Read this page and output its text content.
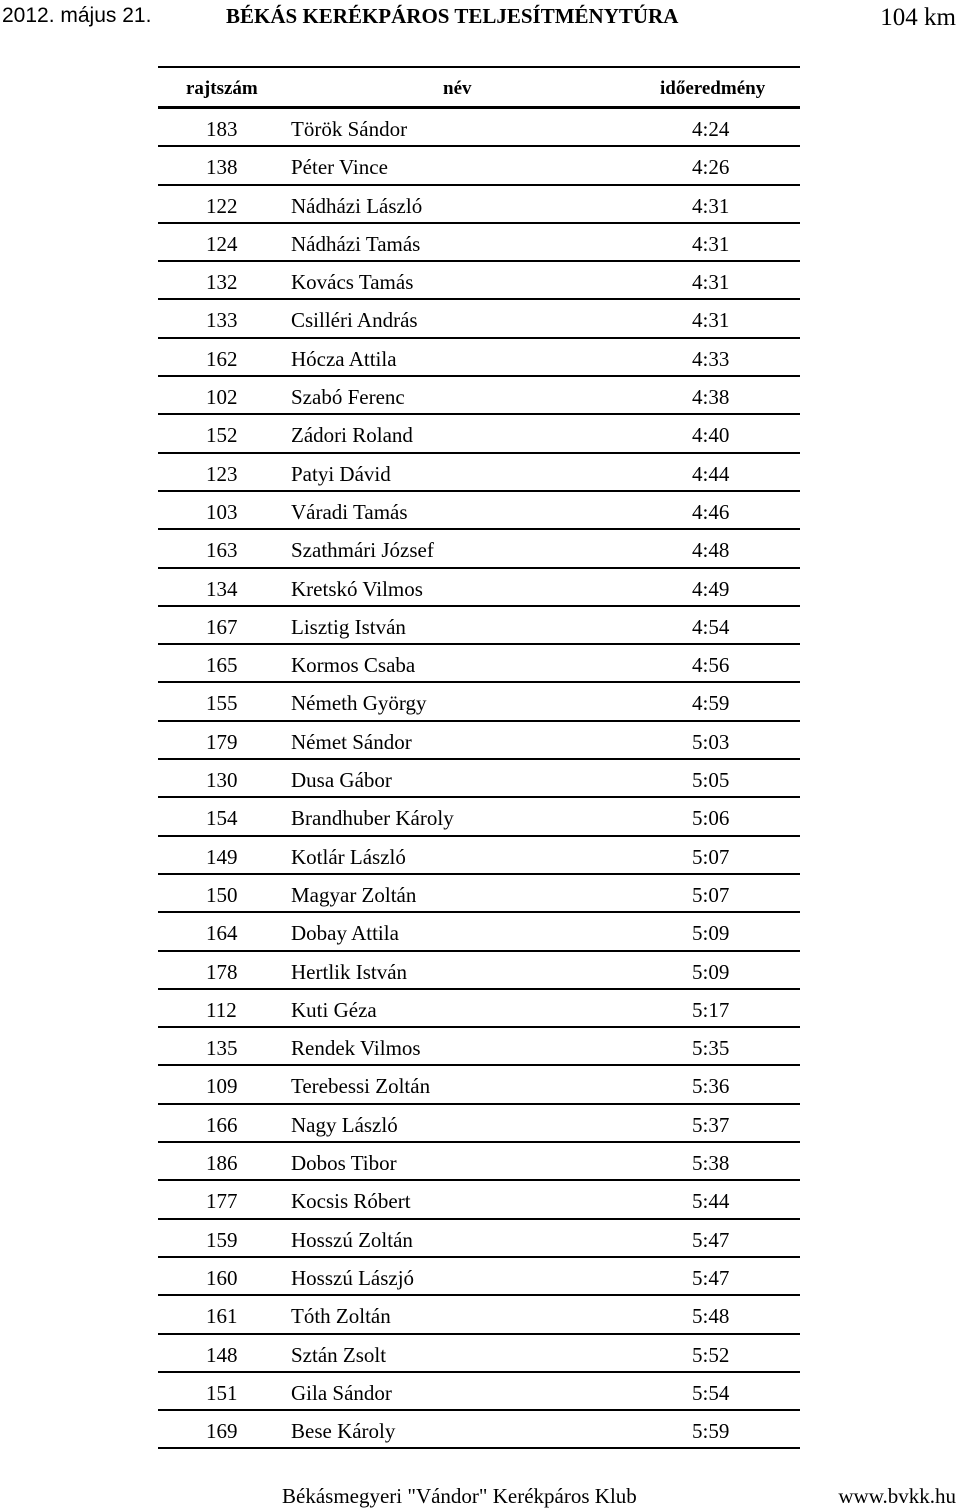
2012. május 21.	BÉKÁS KERÉKPÁROS TELJESÍTMÉNYTÚRA	104 km
rajtszám	név	időeredmény
183	Török Sándor	4:24
138	Péter Vince	4:26
122	Nádházi László	4:31
124	Nádházi Tamás	4:31
132	Kovács Tamás	4:31
133	Csilléri András	4:31
162	Hócza Attila	4:33
102	Szabó Ferenc	4:38
152	Zádori Roland	4:40
123	Patyi Dávid	4:44
103	Váradi Tamás	4:46
163	Szathmári József	4:48
134	Kretskó Vilmos	4:49
167	Lisztig István	4:54
165	Kormos Csaba	4:56
155	Németh György	4:59
179	Német Sándor	5:03
130	Dusa Gábor	5:05
154	Brandhuber Károly	5:06
149	Kotlár László	5:07
150	Magyar Zoltán	5:07
164	Dobay Attila	5:09
178	Hertlik István	5:09
112	Kuti Géza	5:17
135	Rendek Vilmos	5:35
109	Terebessi Zoltán	5:36
166	Nagy László	5:37
186	Dobos Tibor	5:38
177	Kocsis Róbert	5:44
159	Hosszú Zoltán	5:47
160	Hosszú Lászjó	5:47
161	Tóth Zoltán	5:48
148	Sztán Zsolt	5:52
151	Gila Sándor	5:54
169	Bese Károly	5:59
Békásmegyeri "Vándor" Kerékpáros Klub	www.bvkk.hu
